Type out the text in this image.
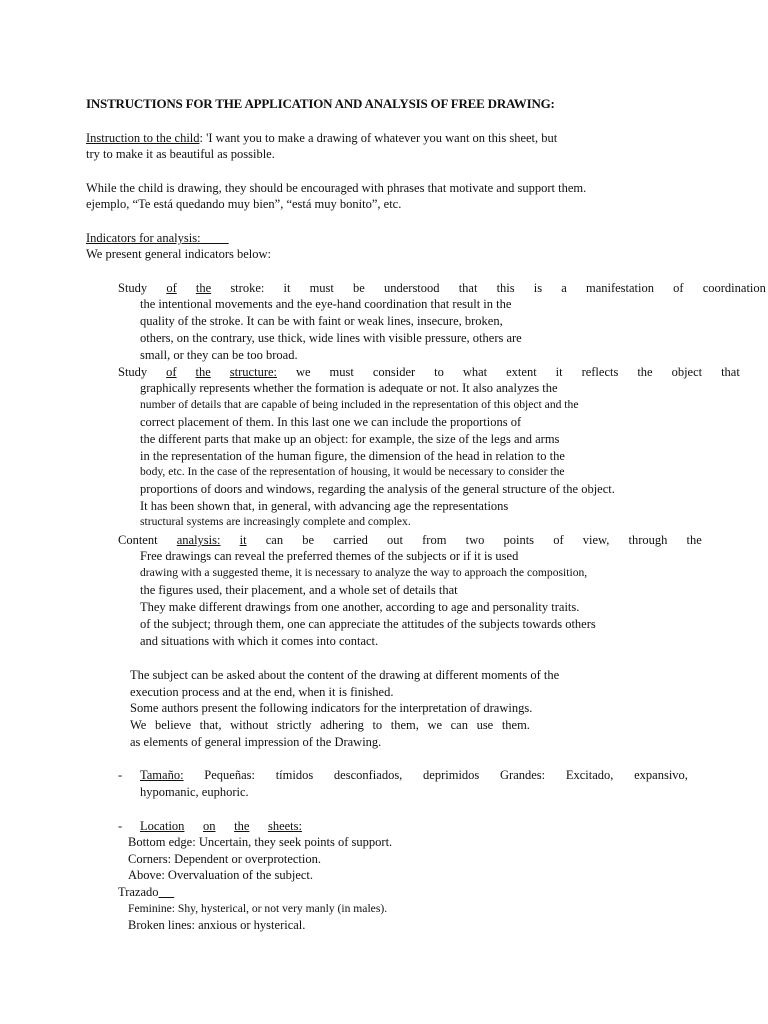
INSTRUCTIONS FOR THE APPLICATION AND ANALYSIS OF FREE DRAWING:
Instruction to the child: 'I want you to make a drawing of whatever you want on this sheet, but
try to make it as beautiful as possible.
While the child is drawing, they should be encouraged with phrases that motivate and support them.
ejemplo, “Te está quedando muy bien”, “está muy bonito”, etc.
Indicators for analysis:
We present general indicators below:
Study of the stroke: it must be understood that this is a manifestation of coordination
the intentional movements and the eye-hand coordination that result in the
quality of the stroke. It can be with faint or weak lines, insecure, broken,
others, on the contrary, use thick, wide lines with visible pressure, others are
small, or they can be too broad.
Study of the structure: we must consider to what extent it reflects the object that
graphically represents whether the formation is adequate or not. It also analyzes the
number of details that are capable of being included in the representation of this object and the
correct placement of them. In this last one we can include the proportions of
the different parts that make up an object: for example, the size of the legs and arms
in the representation of the human figure, the dimension of the head in relation to the
body, etc. In the case of the representation of housing, it would be necessary to consider the
proportions of doors and windows, regarding the analysis of the general structure of the object.
It has been shown that, in general, with advancing age the representations
structural systems are increasingly complete and complex.
Content analysis: it can be carried out from two points of view, through the
Free drawings can reveal the preferred themes of the subjects or if it is used
drawing with a suggested theme, it is necessary to analyze the way to approach the composition,
the figures used, their placement, and a whole set of details that
They make different drawings from one another, according to age and personality traits.
of the subject; through them, one can appreciate the attitudes of the subjects towards others
and situations with which it comes into contact.
The subject can be asked about the content of the drawing at different moments of the
execution process and at the end, when it is finished.
Some authors present the following indicators for the interpretation of drawings.
We believe that, without strictly adhering to them, we can use them.
as elements of general impression of the Drawing.
- Tamaño: Pequeñas: tímidos desconfiados, deprimidos Grandes: Excitado, expansivo,
hypomanic, euphoric.
- Location on the sheets:
Bottom edge: Uncertain, they seek points of support.
Corners: Dependent or overprotection.
Above: Overvaluation of the subject.
Trazado
Feminine: Shy, hysterical, or not very manly (in males).
Broken lines: anxious or hysterical.
